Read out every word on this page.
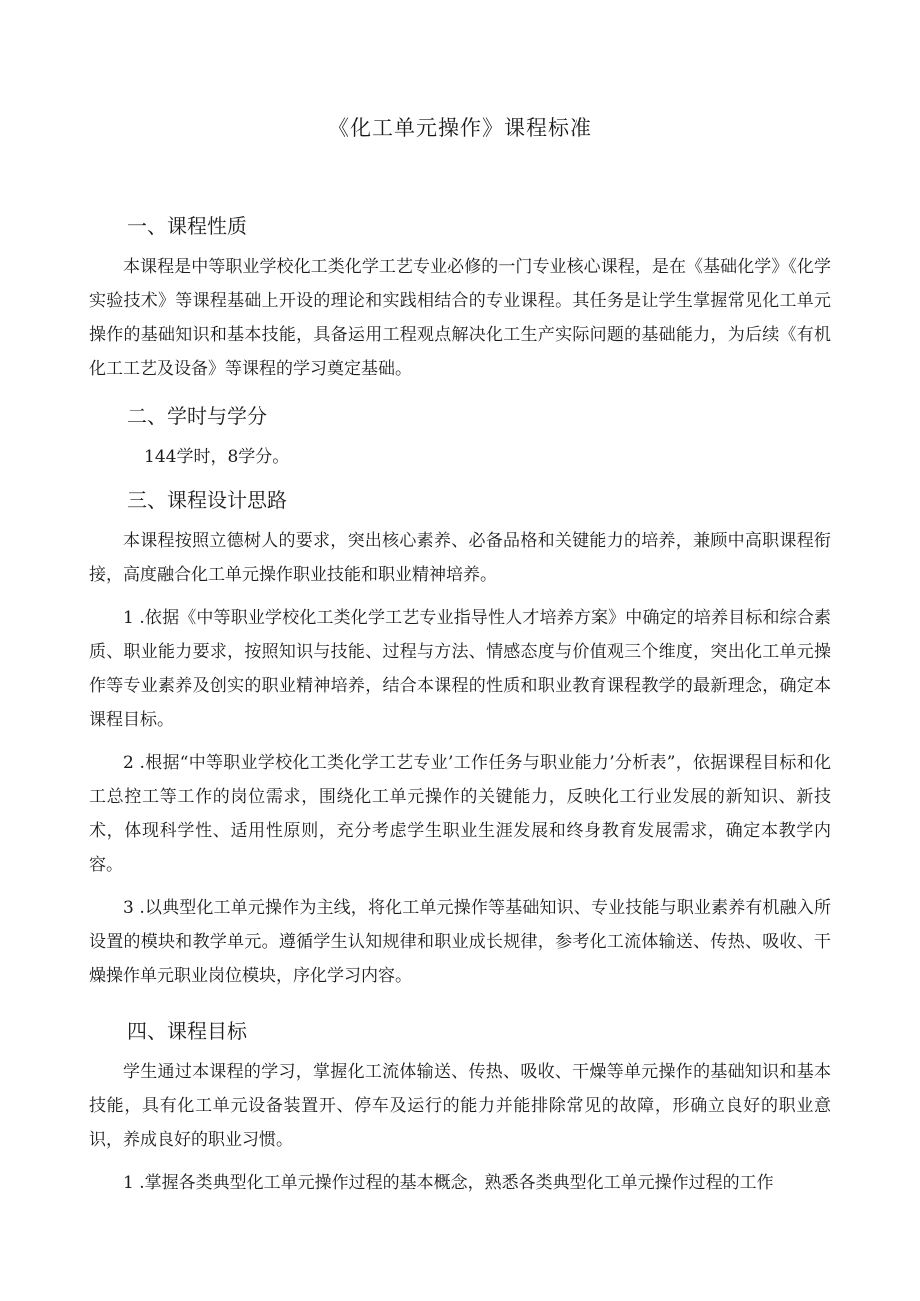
《化工单元操作》课程标准
一、课程性质

本课程是中等职业学校化工类化学工艺专业必修的一门专业核心课程，是在《基础化学》《化学实验技术》等课程基础上开设的理论和实践相结合的专业课程。其任务是让学生掌握常见化工单元操作的基础知识和基本技能，具备运用工程观点解决化工生产实际问题的基础能力，为后续《有机化工工艺及设备》等课程的学习奠定基础。

二、学时与学分

144学时，8学分。

三、课程设计思路

本课程按照立德树人的要求，突出核心素养、必备品格和关键能力的培养，兼顾中高职课程衔接，高度融合化工单元操作职业技能和职业精神培养。

1 .依据《中等职业学校化工类化学工艺专业指导性人才培养方案》中确定的培养目标和综合素质、职业能力要求，按照知识与技能、过程与方法、情感态度与价值观三个维度，突出化工单元操作等专业素养及创实的职业精神培养，结合本课程的性质和职业教育课程教学的最新理念，确定本课程目标。

2 .根据“中等职业学校化工类化学工艺专业’工作任务与职业能力’分析表”，依据课程目标和化工总控工等工作的岗位需求，围绕化工单元操作的关键能力，反映化工行业发展的新知识、新技术，体现科学性、适用性原则，充分考虑学生职业生涯发展和终身教育发展需求，确定本教学内容。

3 .以典型化工单元操作为主线，将化工单元操作等基础知识、专业技能与职业素养有机融入所设置的模块和教学单元。遵循学生认知规律和职业成长规律，参考化工流体输送、传热、吸收、干燥操作单元职业岗位模块，序化学习内容。

四、课程目标

学生通过本课程的学习，掌握化工流体输送、传热、吸收、干燥等单元操作的基础知识和基本技能，具有化工单元设备装置开、停车及运行的能力并能排除常见的故障，形确立良好的职业意识，养成良好的职业习惯。

1 .掌握各类典型化工单元操作过程的基本概念，熟悉各类典型化工单元操作过程的工作
